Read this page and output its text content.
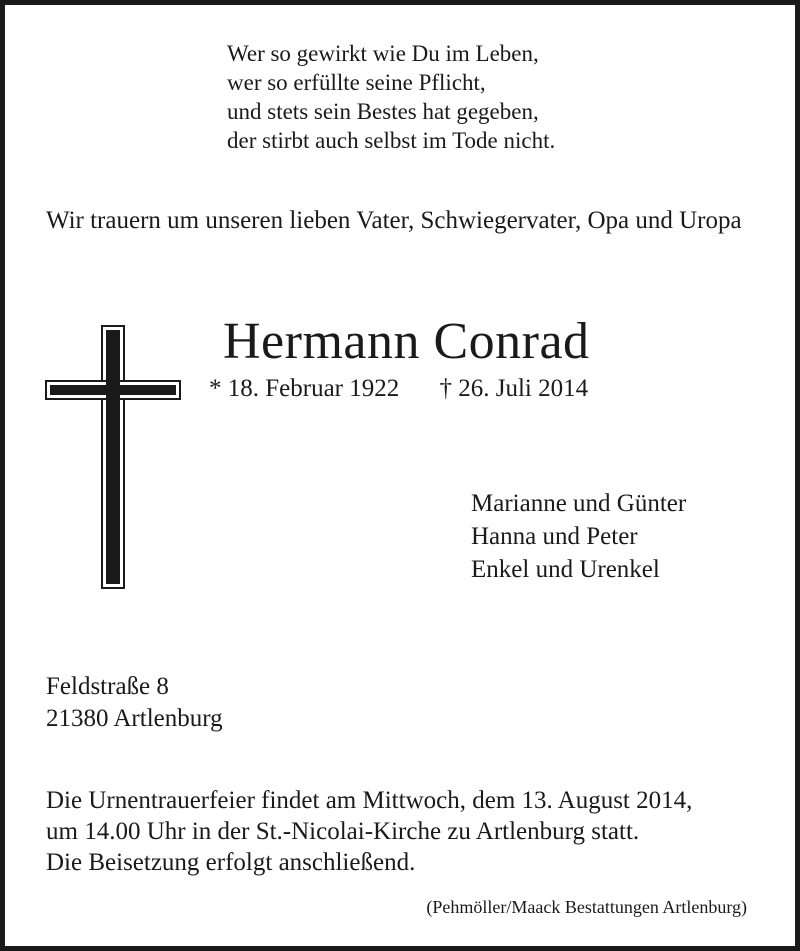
Wer so gewirkt wie Du im Leben,
wer so erfüllte seine Pflicht,
und stets sein Bestes hat gegeben,
der stirbt auch selbst im Tode nicht.
Wir trauern um unseren lieben Vater, Schwiegervater, Opa und Uropa
Hermann Conrad
* 18. Februar 1922 † 26. Juli 2014
Marianne und Günter
Hanna und Peter
Enkel und Urenkel
Feldstraße 8
21380 Artlenburg
Die Urnentrauerfeier findet am Mittwoch, dem 13. August 2014,
um 14.00 Uhr in der St.-Nicolai-Kirche zu Artlenburg statt.
Die Beisetzung erfolgt anschließend.
(Pehmöller/Maack Bestattungen Artlenburg)
